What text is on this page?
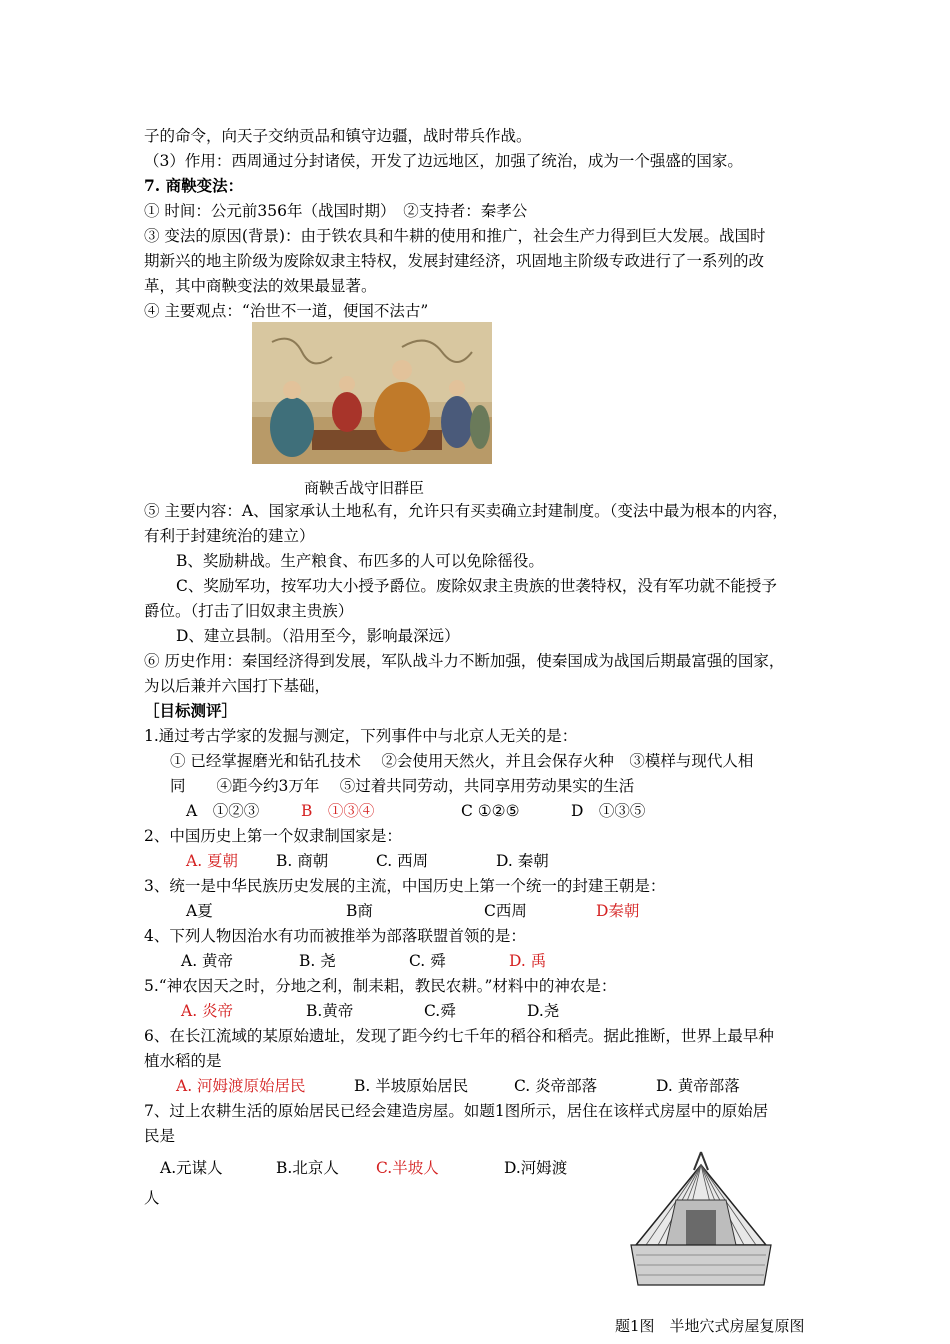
子的命令，向天子交纳贡品和镇守边疆，战时带兵作战。
（3）作用：西周通过分封诸侯，开发了边远地区，加强了统治，成为一个强盛的国家。
7. 商鞅变法：
① 时间：公元前356年（战国时期）　②支持者：秦孝公
③ 变法的原因(背景)：由于铁农具和牛耕的使用和推广，社会生产力得到巨大发展。战国时
期新兴的地主阶级为废除奴隶主特权，发展封建经济，巩固地主阶级专政进行了一系列的改
革，其中商鞅变法的效果最显著。
④ 主要观点：“治世不一道，便国不法古”
商鞅舌战守旧群臣
⑤ 主要内容：A、国家承认土地私有，允许只有买卖确立封建制度。（变法中最为根本的内容，
有利于封建统治的建立）
B、奖励耕战。生产粮食、布匹多的人可以免除徭役。
C、奖励军功，按军功大小授予爵位。废除奴隶主贵族的世袭特权，没有军功就不能授予
爵位。（打击了旧奴隶主贵族）
D、建立县制。（沿用至今，影响最深远）
⑥ 历史作用：秦国经济得到发展，军队战斗力不断加强，使秦国成为战国后期最富强的国家，
为以后兼并六国打下基础，
［目标测评］
1.通过考古学家的发掘与测定，下列事件中与北京人无关的是：
① 已经掌握磨光和钻孔技术　 ②会使用天然火，并且会保存火种　③模样与现代人相
同　　④距今约3万年　 ⑤过着共同劳动，共同享用劳动果实的生活
A　①②③	B　①③④	C ①②⑤	D　①③⑤
2、中国历史上第一个奴隶制国家是：
A. 夏朝 B. 商朝	C. 西周	D. 秦朝
3、统一是中华民族历史发展的主流，中国历史上第一个统一的封建王朝是：
A夏	B商	C西周	D秦朝
4、下列人物因治水有功而被推举为部落联盟首领的是：
A. 黄帝	B. 尧	C. 舜	D. 禹
5.“神农因天之时，分地之利，制耒耜，教民农耕。”材料中的神农是：
A. 炎帝	B.黄帝	C.舜	D.尧
6、在长江流域的某原始遗址，发现了距今约七千年的稻谷和稻壳。据此推断，世界上最早种
植水稻的是
A. 河姆渡原始居民	B. 半坡原始居民	C. 炎帝部落	D. 黄帝部落
7、过上农耕生活的原始居民已经会建造房屋。如题1图所示，居住在该样式房屋中的原始居
民是
A.元谋人	B.北京人 C.半坡人	D.河姆渡
人
题1图　半地穴式房屋复原图
